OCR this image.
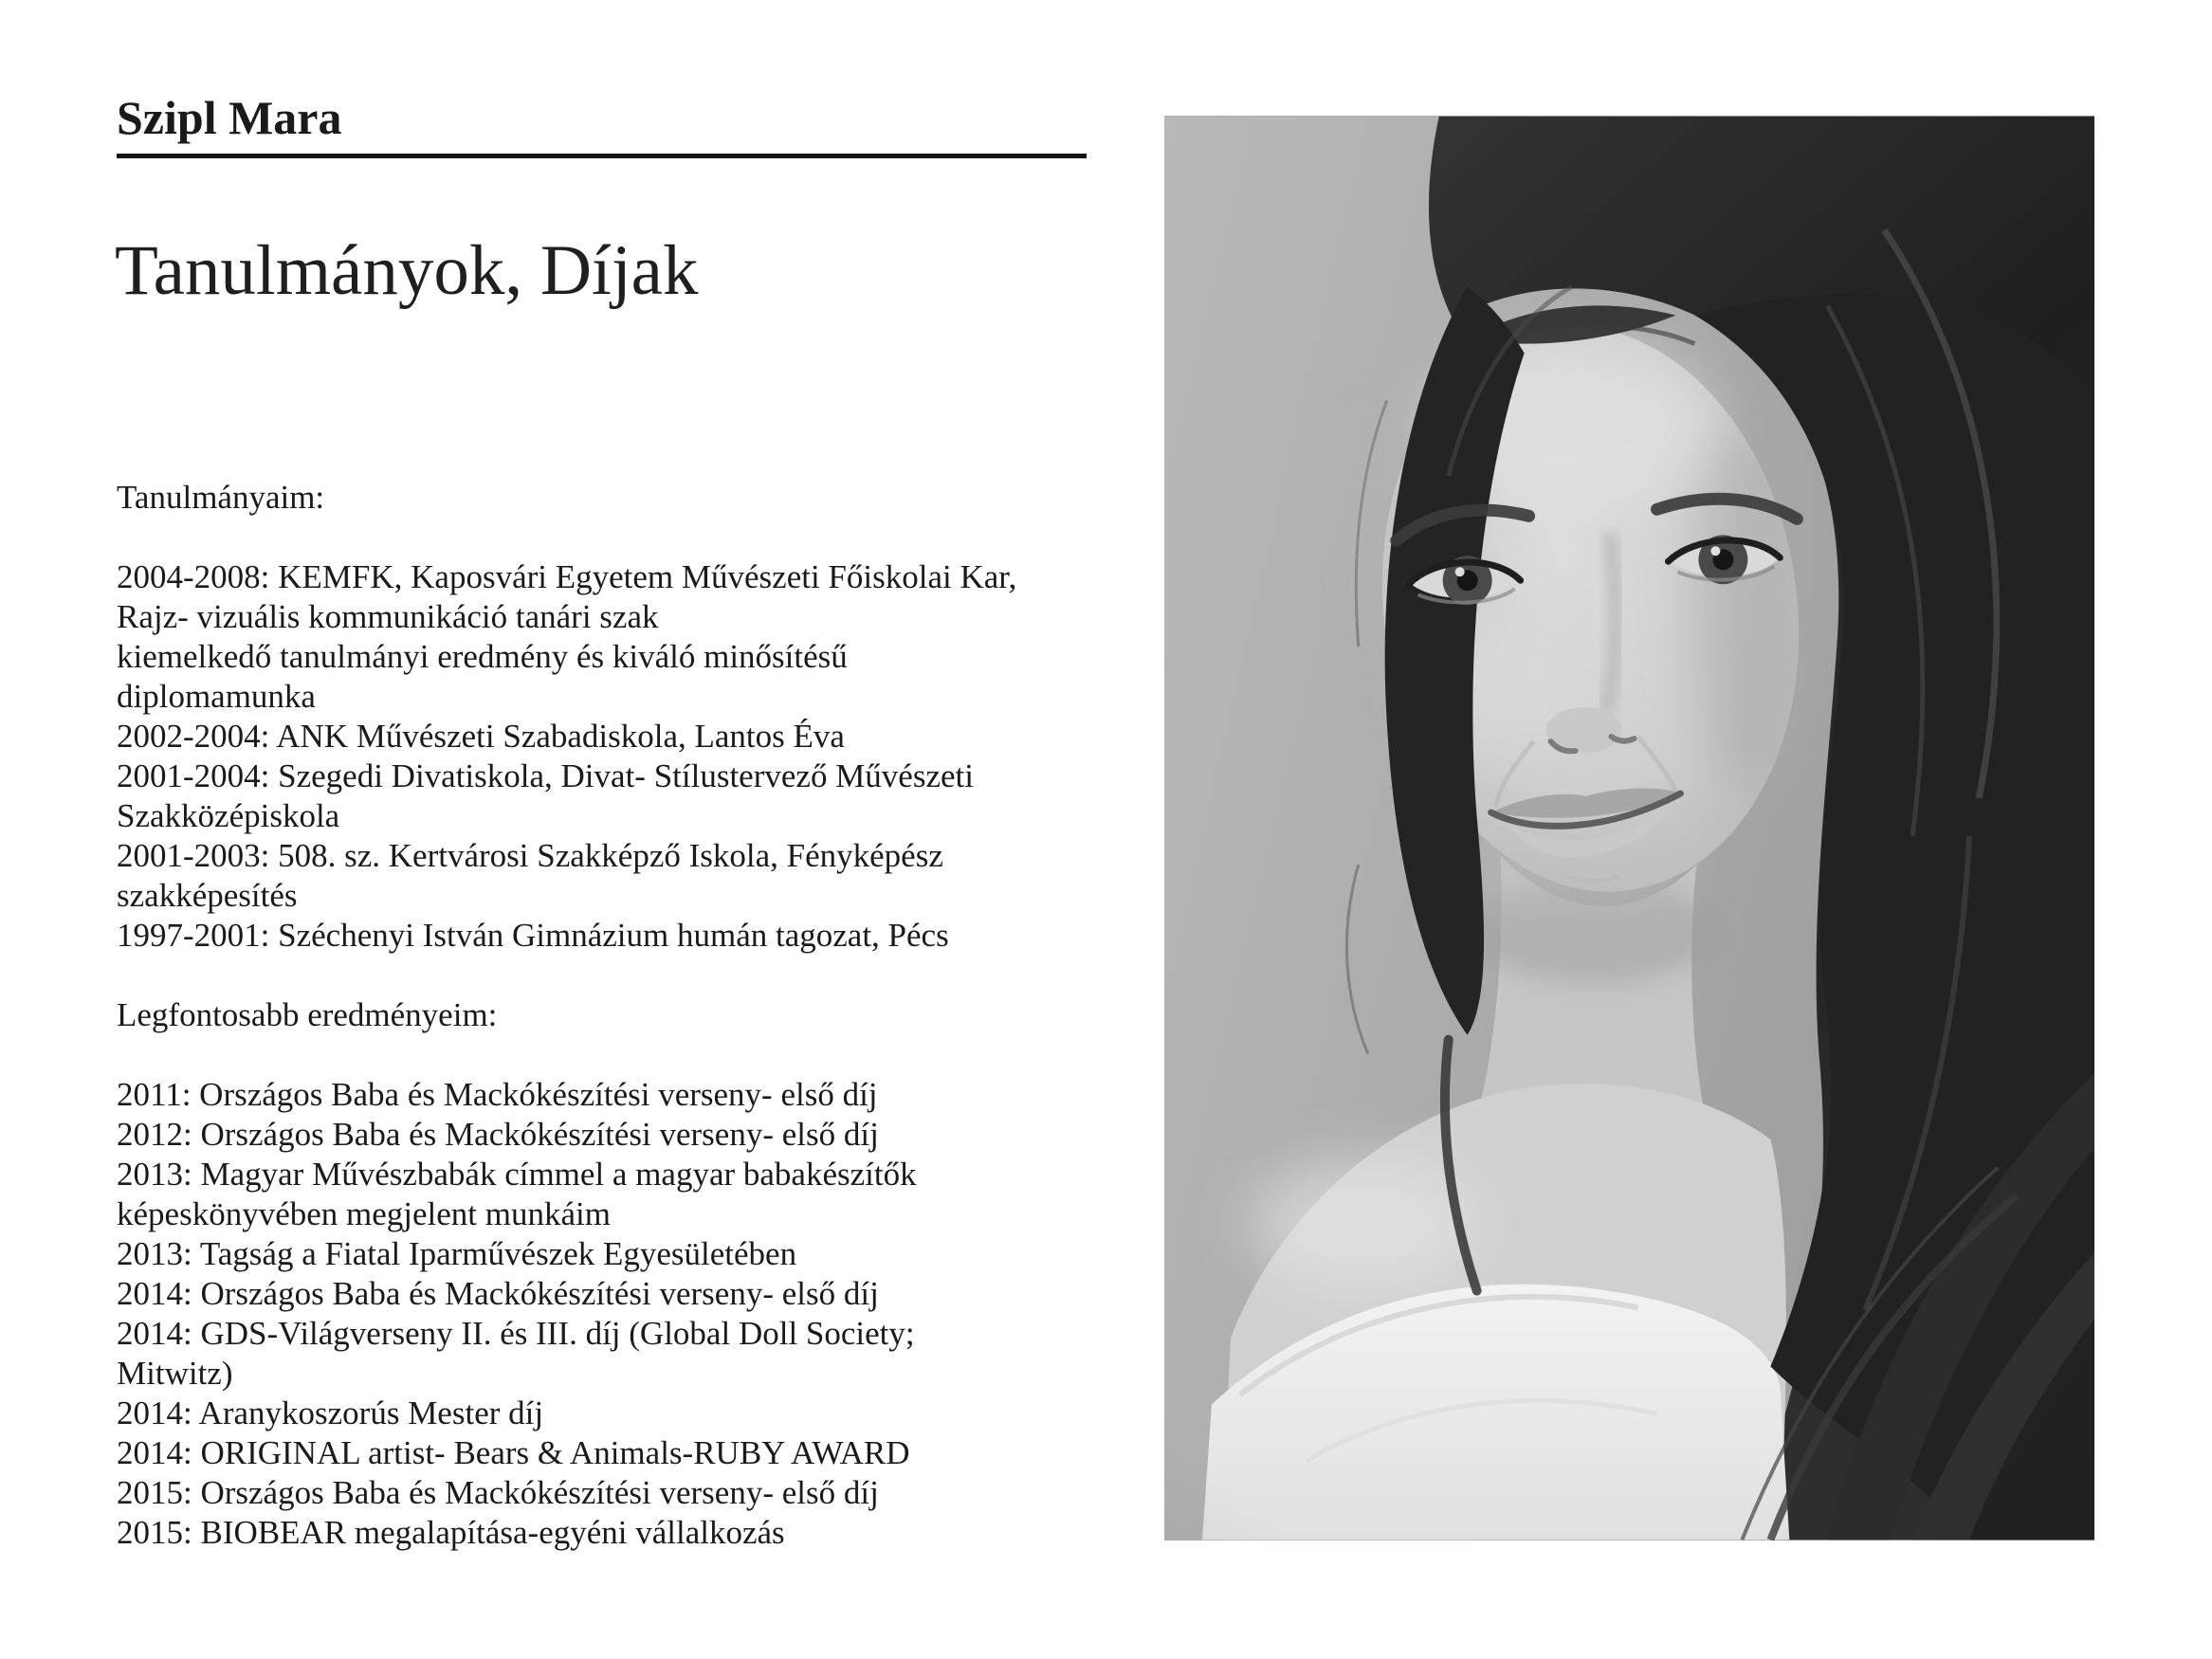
Szipl Mara
Tanulmányok, Díjak
Tanulmányaim:
2004-2008: KEMFK, Kaposvári Egyetem Művészeti Főiskolai Kar,
Rajz- vizuális kommunikáció tanári szak
kiemelkedő tanulmányi eredmény és kiváló minősítésű
diplomamunka
2002-2004: ANK Művészeti Szabadiskola, Lantos Éva
2001-2004: Szegedi Divatiskola, Divat- Stílustervező Művészeti
Szakközépiskola
2001-2003: 508. sz. Kertvárosi Szakképző Iskola, Fényképész
szakképesítés
1997-2001: Széchenyi István Gimnázium humán tagozat, Pécs
Legfontosabb eredményeim:
2011: Országos Baba és Mackókészítési verseny- első díj
2012: Országos Baba és Mackókészítési verseny- első díj
2013: Magyar Művészbabák címmel a magyar babakészítők
képeskönyvében megjelent munkáim
2013: Tagság a Fiatal Iparművészek Egyesületében
2014: Országos Baba és Mackókészítési verseny- első díj
2014: GDS-Világverseny II. és III. díj (Global Doll Society;
Mitwitz)
2014: Aranykoszorús Mester díj
2014: ORIGINAL artist- Bears & Animals-RUBY AWARD
2015: Országos Baba és Mackókészítési verseny- első díj
2015: BIOBEAR megalapítása-egyéni vállalkozás
